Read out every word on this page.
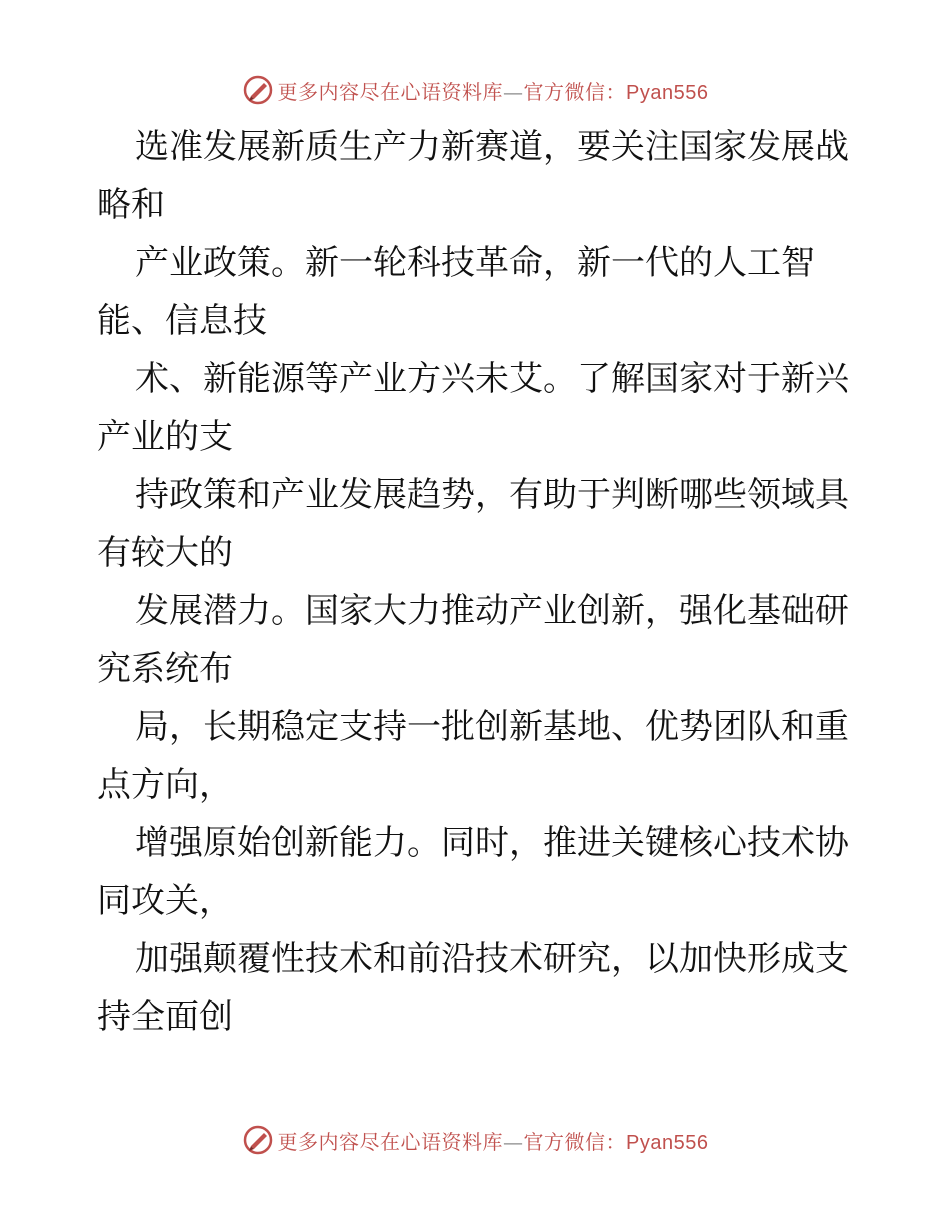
更多内容尽在心语资料库—官方微信：Pyan556

选准发展新质生产力新赛道，要关注国家发展战
略和

产业政策。新一轮科技革命，新一代的人工智
能、信息技

术、新能源等产业方兴未艾。了解国家对于新兴
产业的支

持政策和产业发展趋势，有助于判断哪些领域具
有较大的

发展潜力。国家大力推动产业创新，强化基础研
究系统布

局，长期稳定支持一批创新基地、优势团队和重
点方向，

增强原始创新能力。同时，推进关键核心技术协
同攻关，

加强颠覆性技术和前沿技术研究，以加快形成支
持全面创

更多内容尽在心语资料库—官方微信：Pyan556
